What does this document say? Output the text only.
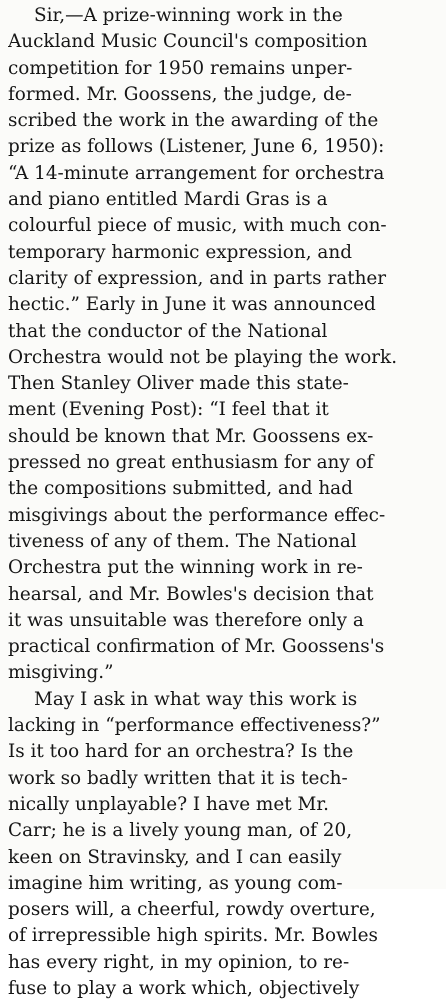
Sir,—A prize-winning work in the
Auckland Music Council's composition
competition for 1950 remains unper-
formed. Mr. Goossens, the judge, de-
scribed the work in the awarding of the
prize as follows (Listener, June 6, 1950):
“A 14-minute arrangement for orchestra
and piano entitled Mardi Gras is a
colourful piece of music, with much con-
temporary harmonic expression, and
clarity of expression, and in parts rather
hectic.” Early in June it was announced
that the conductor of the National
Orchestra would not be playing the work.
Then Stanley Oliver made this state-
ment (Evening Post): “I feel that it
should be known that Mr. Goossens ex-
pressed no great enthusiasm for any of
the compositions submitted, and had
misgivings about the performance effec-
tiveness of any of them. The National
Orchestra put the winning work in re-
hearsal, and Mr. Bowles's decision that
it was unsuitable was therefore only a
practical confirmation of Mr. Goossens's
misgiving.”
May I ask in what way this work is
lacking in “performance effectiveness?”
Is it too hard for an orchestra? Is the
work so badly written that it is tech-
nically unplayable? I have met Mr.
Carr; he is a lively young man, of 20,
keen on Stravinsky, and I can easily
imagine him writing, as young com-
posers will, a cheerful, rowdy overture,
of irrepressible high spirits. Mr. Bowles
has every right, in my opinion, to re-
fuse to play a work which, objectively
